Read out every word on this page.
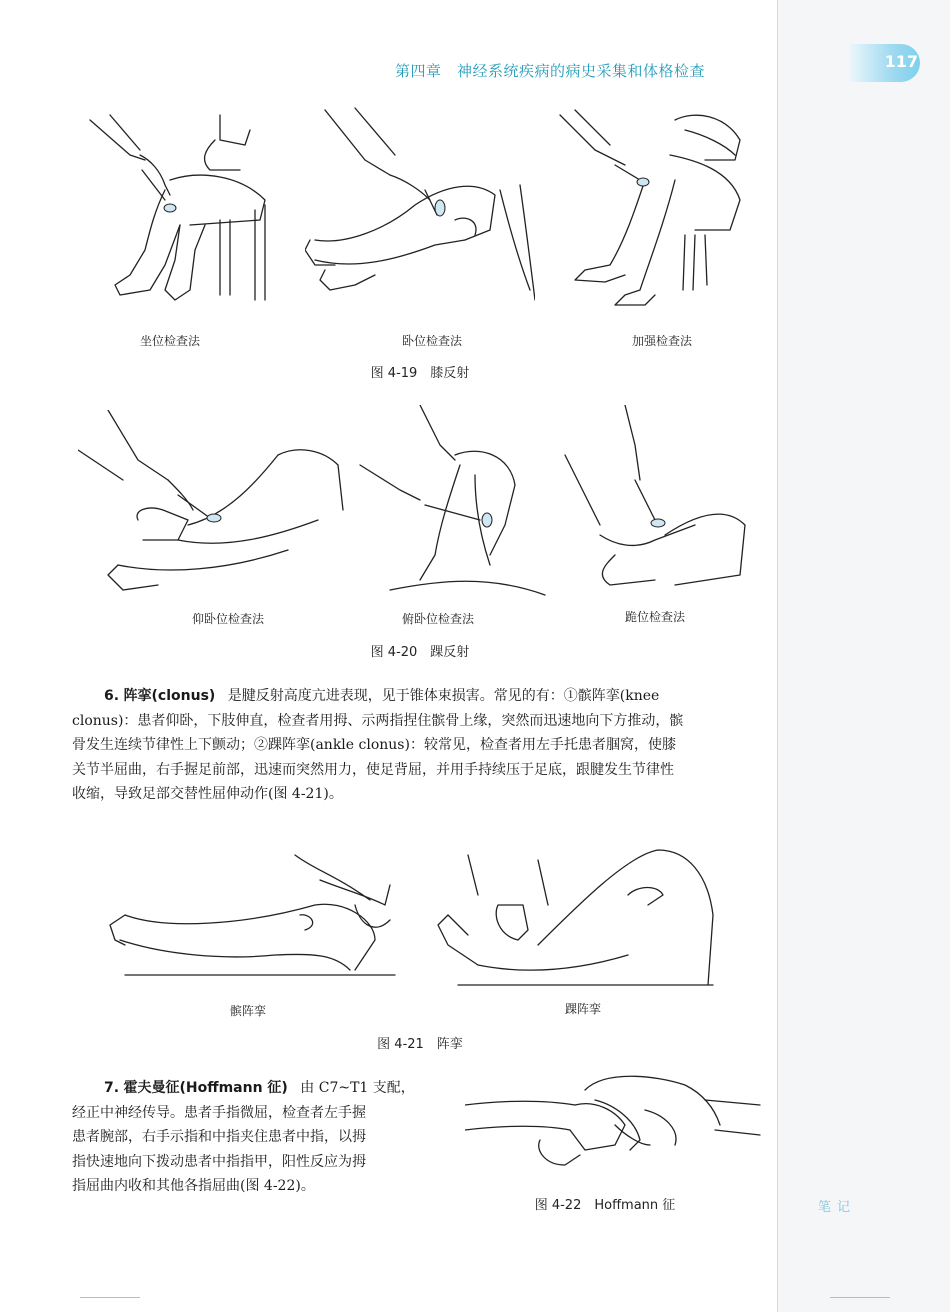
第四章　神经系统疾病的病史采集和体格检查	117
坐位检查法	卧位检查法	加强检查法
图 4-19　膝反射
仰卧位检查法	俯卧位检查法	跪位检查法
图 4-20　踝反射
6. 阵挛(clonus) 是腱反射高度亢进表现，见于锥体束损害。常见的有：①髌阵挛(knee
clonus)：患者仰卧，下肢伸直，检查者用拇、示两指捏住髌骨上缘，突然而迅速地向下方推动，髌
骨发生连续节律性上下颤动；②踝阵挛(ankle clonus)：较常见，检查者用左手托患者腘窝，使膝
关节半屈曲，右手握足前部，迅速而突然用力，使足背屈，并用手持续压于足底，跟腱发生节律性
收缩，导致足部交替性屈伸动作(图 4-21)。
髌阵挛	踝阵挛
图 4-21　阵挛
7. 霍夫曼征(Hoffmann 征) 由 C7~T1 支配，
经正中神经传导。患者手指微屈，检查者左手握
患者腕部，右手示指和中指夹住患者中指，以拇
指快速地向下拨动患者中指指甲，阳性反应为拇
指屈曲内收和其他各指屈曲(图 4-22)。
图 4-22　Hoffmann 征	笔记
